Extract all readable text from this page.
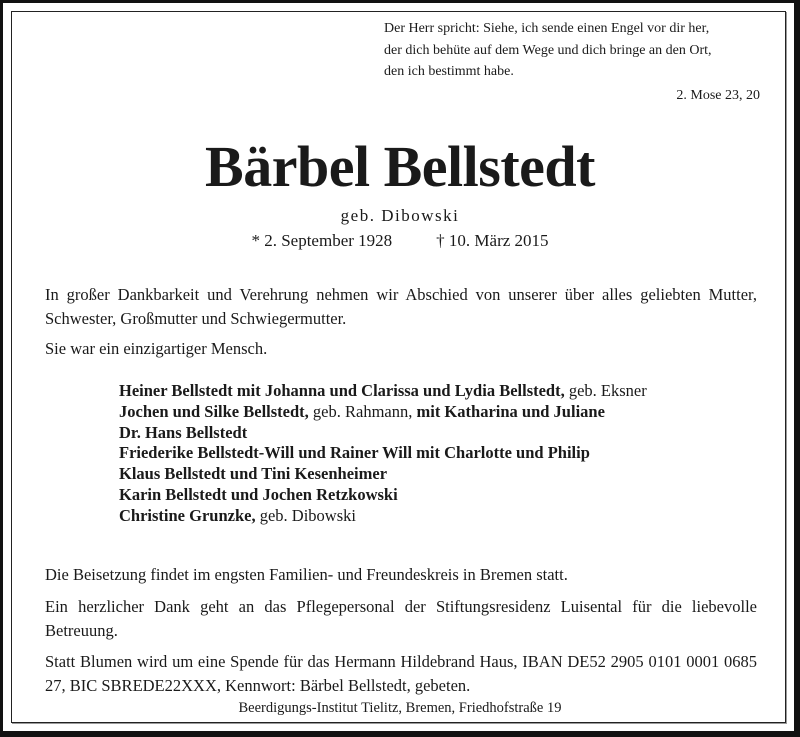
Der Herr spricht: Siehe, ich sende einen Engel vor dir her,
der dich behüte auf dem Wege und dich bringe an den Ort,
den ich bestimmt habe.
2. Mose 23, 20
Bärbel Bellstedt
geb. Dibowski
* 2. September 1928	† 10. März 2015
In großer Dankbarkeit und Verehrung nehmen wir Abschied von unserer über alles geliebten Mutter, Schwester, Großmutter und Schwiegermutter.
Sie war ein einzigartiger Mensch.
Heiner Bellstedt mit Johanna und Clarissa und Lydia Bellstedt, geb. Eksner
Jochen und Silke Bellstedt, geb. Rahmann, mit Katharina und Juliane
Dr. Hans Bellstedt
Friederike Bellstedt-Will und Rainer Will mit Charlotte und Philip
Klaus Bellstedt und Tini Kesenheimer
Karin Bellstedt und Jochen Retzkowski
Christine Grunzke, geb. Dibowski
Die Beisetzung findet im engsten Familien- und Freundeskreis in Bremen statt.
Ein herzlicher Dank geht an das Pflegepersonal der Stiftungsresidenz Luisental für die liebevolle Betreuung.
Statt Blumen wird um eine Spende für das Hermann Hildebrand Haus, IBAN DE52 2905 0101 0001 0685 27, BIC SBREDE22XXX, Kennwort: Bärbel Bellstedt, gebeten.
Beerdigungs-Institut Tielitz, Bremen, Friedhofstraße 19
